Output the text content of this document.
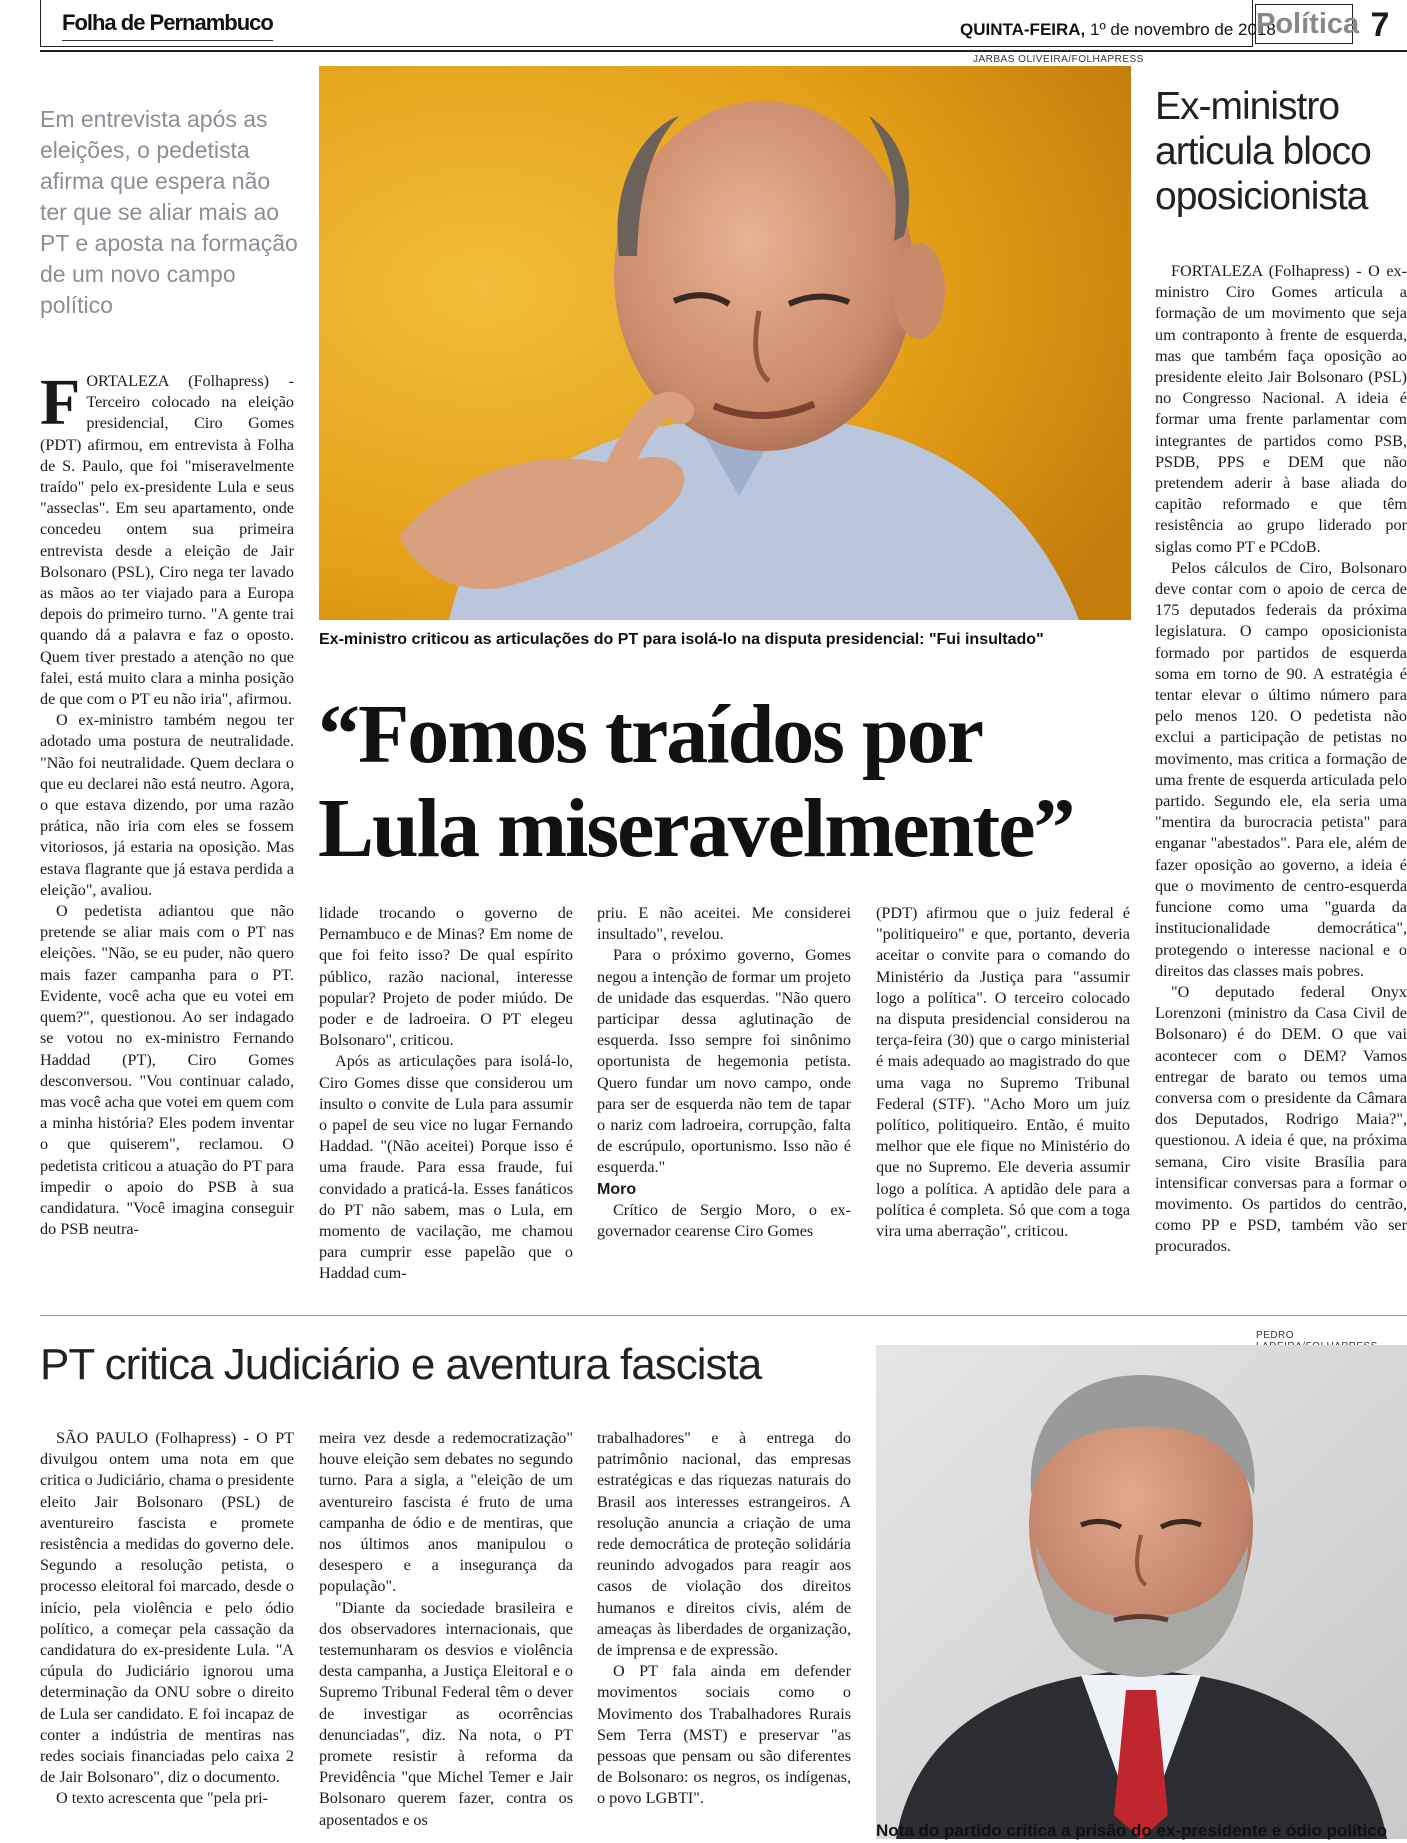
Folha de Pernambuco	QUINTA-FEIRA, 1º de novembro de 2018
Política 7
JARBAS OLIVEIRA/FOLHAPRESS
Em entrevista após as eleições, o pedetista afirma que espera não ter que se aliar mais ao PT e aposta na formação de um novo campo político
Ex-ministro criticou as articulações do PT para isolá-lo na disputa presidencial: "Fui insultado"
“Fomos traídos por Lula miseravelmente”

FORTALEZA (Folhapress) - Terceiro colocado na eleição presidencial, Ciro Gomes (PDT) afirmou, em entrevista à Folha de S. Paulo, que foi "miseravelmente traído" pelo ex-presidente Lula e seus "asseclas". Em seu apartamento, onde concedeu ontem sua primeira entrevista desde a eleição de Jair Bolsonaro (PSL), Ciro nega ter lavado as mãos ao ter viajado para a Europa depois do primeiro turno. "A gente trai quando dá a palavra e faz o oposto. Quem tiver prestado a atenção no que falei, está muito clara a minha posição de que com o PT eu não iria", afirmou.

O ex-ministro também negou ter adotado uma postura de neutralidade. "Não foi neutralidade. Quem declara o que eu declarei não está neutro. Agora, o que estava dizendo, por uma razão prática, não iria com eles se fossem vitoriosos, já estaria na oposição. Mas estava flagrante que já estava perdida a eleição", avaliou.

O pedetista adiantou que não pretende se aliar mais com o PT nas eleições. "Não, se eu puder, não quero mais fazer campanha para o PT. Evidente, você acha que eu votei em quem?", questionou. Ao ser indagado se votou no ex-ministro Fernando Haddad (PT), Ciro Gomes desconversou. "Vou continuar calado, mas você acha que votei em quem com a minha história? Eles podem inventar o que quiserem", reclamou. O pedetista criticou a atuação do PT para impedir o apoio do PSB à sua candidatura. "Você imagina conseguir do PSB neutra-

lidade trocando o governo de Pernambuco e de Minas? Em nome de que foi feito isso? De qual espírito público, razão nacional, interesse popular? Projeto de poder miúdo. De poder e de ladroeira. O PT elegeu Bolsonaro", criticou.

Após as articulações para isolá-lo, Ciro Gomes disse que considerou um insulto o convite de Lula para assumir o papel de seu vice no lugar Fernando Haddad. "(Não aceitei) Porque isso é uma fraude. Para essa fraude, fui convidado a praticá-la. Esses fanáticos do PT não sabem, mas o Lula, em momento de vacilação, me chamou para cumprir esse papelão que o Haddad cum-

priu. E não aceitei. Me considerei insultado", revelou.

Para o próximo governo, Gomes negou a intenção de formar um projeto de unidade das esquerdas. "Não quero participar dessa aglutinação de esquerda. Isso sempre foi sinônimo oportunista de hegemonia petista. Quero fundar um novo campo, onde para ser de esquerda não tem de tapar o nariz com ladroeira, corrupção, falta de escrúpulo, oportunismo. Isso não é esquerda."

Moro

Crítico de Sergio Moro, o ex-governador cearense Ciro Gomes

(PDT) afirmou que o juiz federal é "politiqueiro" e que, portanto, deveria aceitar o convite para o comando do Ministério da Justiça para "assumir logo a política". O terceiro colocado na disputa presidencial considerou na terça-feira (30) que o cargo ministerial é mais adequado ao magistrado do que uma vaga no Supremo Tribunal Federal (STF). "Acho Moro um juiz político, politiqueiro. Então, é muito melhor que ele fique no Ministério do que no Supremo. Ele deveria assumir logo a política. A aptidão dele para a política é completa. Só que com a toga vira uma aberração", criticou.

Ex-ministro articula bloco oposicionista

FORTALEZA (Folhapress) - O ex-ministro Ciro Gomes articula a formação de um movimento que seja um contraponto à frente de esquerda, mas que também faça oposição ao presidente eleito Jair Bolsonaro (PSL) no Congresso Nacional. A ideia é formar uma frente parlamentar com integrantes de partidos como PSB, PSDB, PPS e DEM que não pretendem aderir à base aliada do capitão reformado e que têm resistência ao grupo liderado por siglas como PT e PCdoB.

Pelos cálculos de Ciro, Bolsonaro deve contar com o apoio de cerca de 175 deputados federais da próxima legislatura. O campo oposicionista formado por partidos de esquerda soma em torno de 90. A estratégia é tentar elevar o último número para pelo menos 120. O pedetista não exclui a participação de petistas no movimento, mas critica a formação de uma frente de esquerda articulada pelo partido. Segundo ele, ela seria uma "mentira da burocracia petista" para enganar "abestados". Para ele, além de fazer oposição ao governo, a ideia é que o movimento de centro-esquerda funcione como uma "guarda da institucionalidade democrática", protegendo o interesse nacional e o direitos das classes mais pobres.

"O deputado federal Onyx Lorenzoni (ministro da Casa Civil de Bolsonaro) é do DEM. O que vai acontecer com o DEM? Vamos entregar de barato ou temos uma conversa com o presidente da Câmara dos Deputados, Rodrigo Maia?", questionou. A ideia é que, na próxima semana, Ciro visite Brasília para intensificar conversas para a formar o movimento. Os partidos do centrão, como PP e PSD, também vão ser procurados.

PT critica Judiciário e aventura fascista

SÃO PAULO (Folhapress) - O PT divulgou ontem uma nota em que critica o Judiciário, chama o presidente eleito Jair Bolsonaro (PSL) de aventureiro fascista e promete resistência a medidas do governo dele. Segundo a resolução petista, o processo eleitoral foi marcado, desde o início, pela violência e pelo ódio político, a começar pela cassação da candidatura do ex-presidente Lula. "A cúpula do Judiciário ignorou uma determinação da ONU sobre o direito de Lula ser candidato. E foi incapaz de conter a indústria de mentiras nas redes sociais financiadas pelo caixa 2 de Jair Bolsonaro", diz o documento.

O texto acrescenta que "pela pri-

meira vez desde a redemocratização" houve eleição sem debates no segundo turno. Para a sigla, a "eleição de um aventureiro fascista é fruto de uma campanha de ódio e de mentiras, que nos últimos anos manipulou o desespero e a insegurança da população".

"Diante da sociedade brasileira e dos observadores internacionais, que testemunharam os desvios e violência desta campanha, a Justiça Eleitoral e o Supremo Tribunal Federal têm o dever de investigar as ocorrências denunciadas", diz. Na nota, o PT promete resistir à reforma da Previdência "que Michel Temer e Jair Bolsonaro querem fazer, contra os aposentados e os

trabalhadores" e à entrega do patrimônio nacional, das empresas estratégicas e das riquezas naturais do Brasil aos interesses estrangeiros. A resolução anuncia a criação de uma rede democrática de proteção solidária reunindo advogados para reagir aos casos de violação dos direitos humanos e direitos civis, além de ameaças às liberdades de organização, de imprensa e de expressão.

O PT fala ainda em defender movimentos sociais como o Movimento dos Trabalhadores Rurais Sem Terra (MST) e preservar "as pessoas que pensam ou são diferentes de Bolsonaro: os negros, os indígenas, o povo LGBTI".

PEDRO
Nota do partido critica a prisão do ex-presidente e ódio político
